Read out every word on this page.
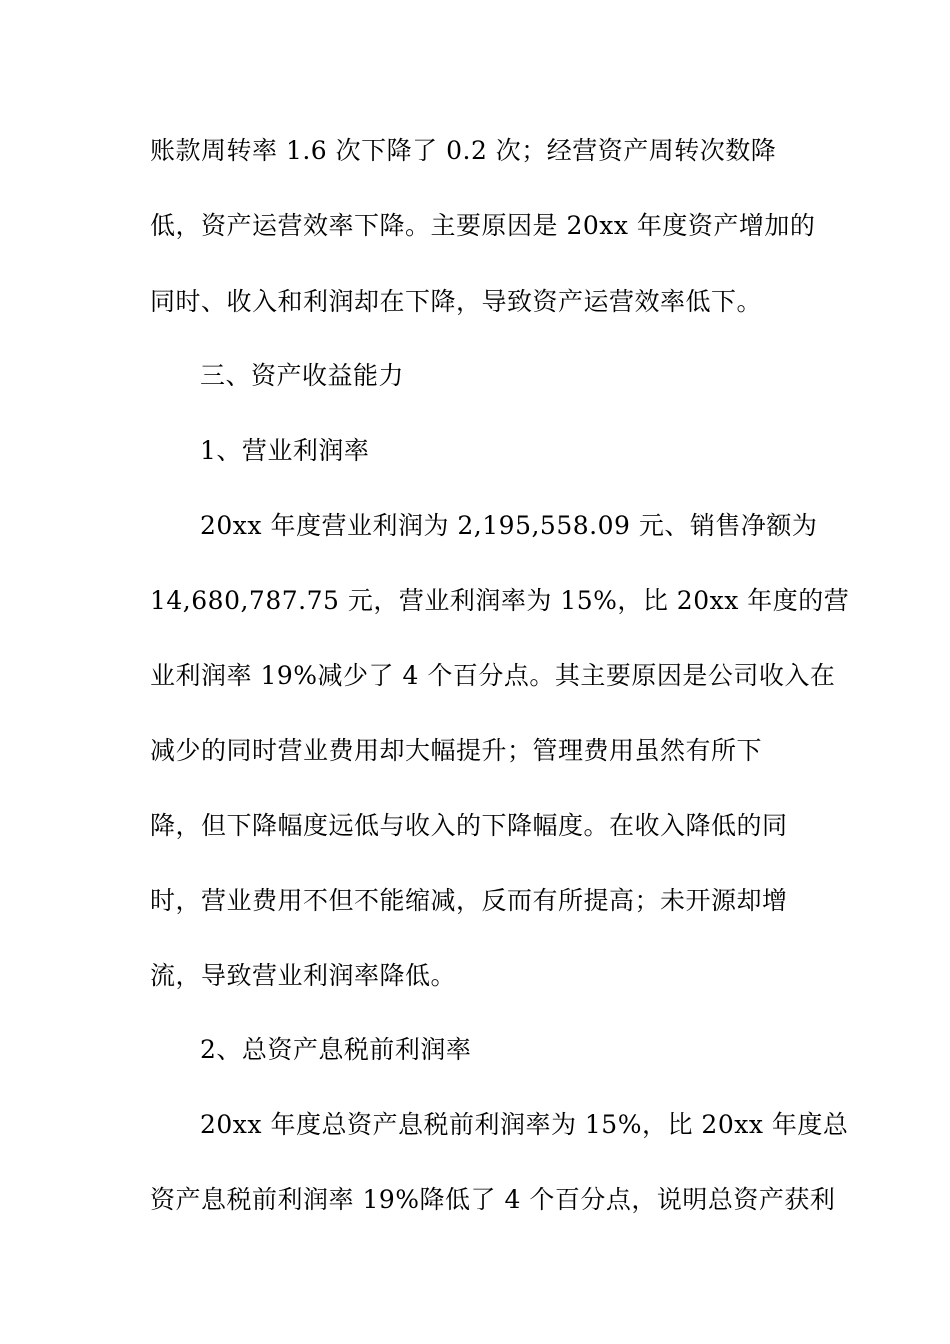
账款周转率 1.6 次下降了 0.2 次；经营资产周转次数降
低，资产运营效率下降。主要原因是 20xx 年度资产增加的
同时、收入和利润却在下降，导致资产运营效率低下。
三、资产收益能力
1、营业利润率
20xx 年度营业利润为 2,195,558.09 元、销售净额为
14,680,787.75 元，营业利润率为 15%，比 20xx 年度的营
业利润率 19%减少了 4 个百分点。其主要原因是公司收入在
减少的同时营业费用却大幅提升；管理费用虽然有所下
降，但下降幅度远低与收入的下降幅度。在收入降低的同
时，营业费用不但不能缩减，反而有所提高；未开源却增
流，导致营业利润率降低。
2、总资产息税前利润率
20xx 年度总资产息税前利润率为 15%，比 20xx 年度总
资产息税前利润率 19%降低了 4 个百分点，说明总资产获利
